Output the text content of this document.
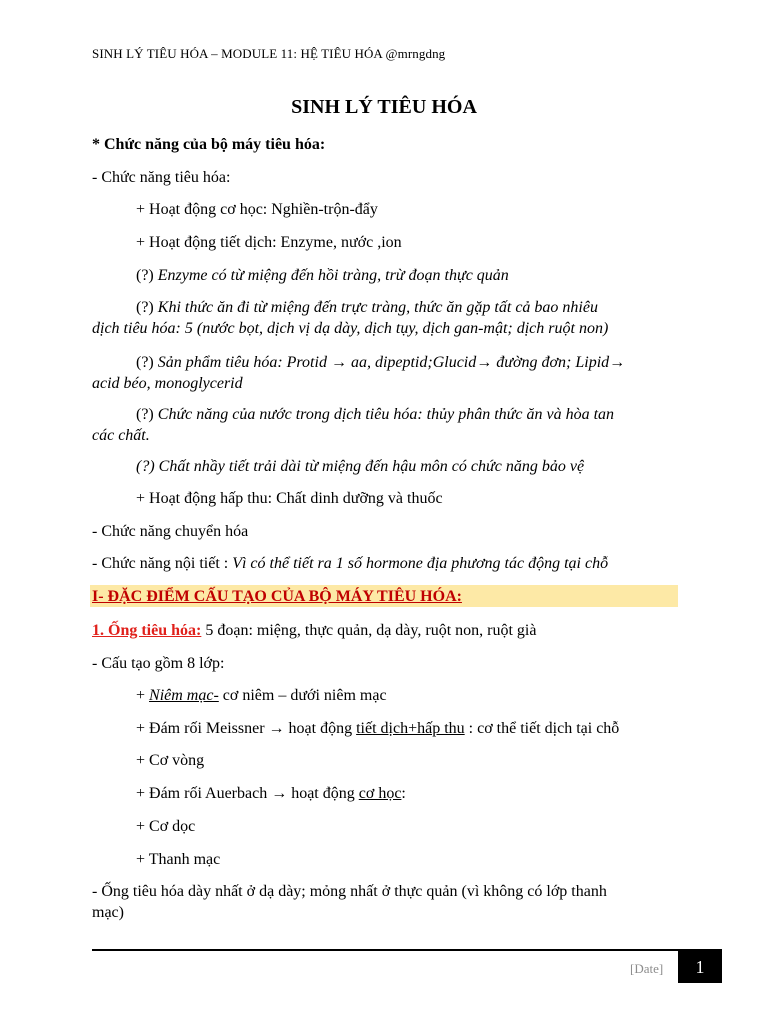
SINH LÝ TIÊU HÓA – MODULE 11: HỆ TIÊU HÓA @mrngdng
SINH LÝ TIÊU HÓA
* Chức năng của bộ máy tiêu hóa:
- Chức năng tiêu hóa:
+ Hoạt động cơ học: Nghiền-trộn-đẩy
+ Hoạt động tiết dịch: Enzyme, nước ,ion
(?) Enzyme có từ miệng đến hồi tràng, trừ đoạn thực quản
(?) Khi thức ăn đi từ miệng đến trực tràng, thức ăn gặp tất cả bao nhiêu
dịch tiêu hóa: 5 (nước bọt, dịch vị dạ dày, dịch tụy, dịch gan-mật; dịch ruột non)
(?) Sản phẩm tiêu hóa: Protid → aa, dipeptid;Glucid→ đường đơn; Lipid→
acid béo, monoglycerid
(?) Chức năng của nước trong dịch tiêu hóa: thủy phân thức ăn và hòa tan
các chất.
(?) Chất nhầy tiết trải dài từ miệng đến hậu môn có chức năng bảo vệ
+ Hoạt động hấp thu: Chất dinh dưỡng và thuốc
- Chức năng chuyển hóa
- Chức năng nội tiết : Vì có thể tiết ra 1 số hormone địa phương tác động tại chỗ
I- ĐẶC ĐIỂM CẤU TẠO CỦA BỘ MÁY TIÊU HÓA:
1. Ống tiêu hóa: 5 đoạn: miệng, thực quản, dạ dày, ruột non, ruột già
- Cấu tạo gồm 8 lớp:
+ Niêm mạc- cơ niêm – dưới niêm mạc
+ Đám rối Meissner → hoạt động tiết dịch+hấp thu : cơ thể tiết dịch tại chỗ
+ Cơ vòng
+ Đám rối Auerbach → hoạt động cơ học:
+ Cơ dọc
+ Thanh mạc
- Ống tiêu hóa dày nhất ở dạ dày; mỏng nhất ở thực quản (vì không có lớp thanh
mạc)
[Date]	1
